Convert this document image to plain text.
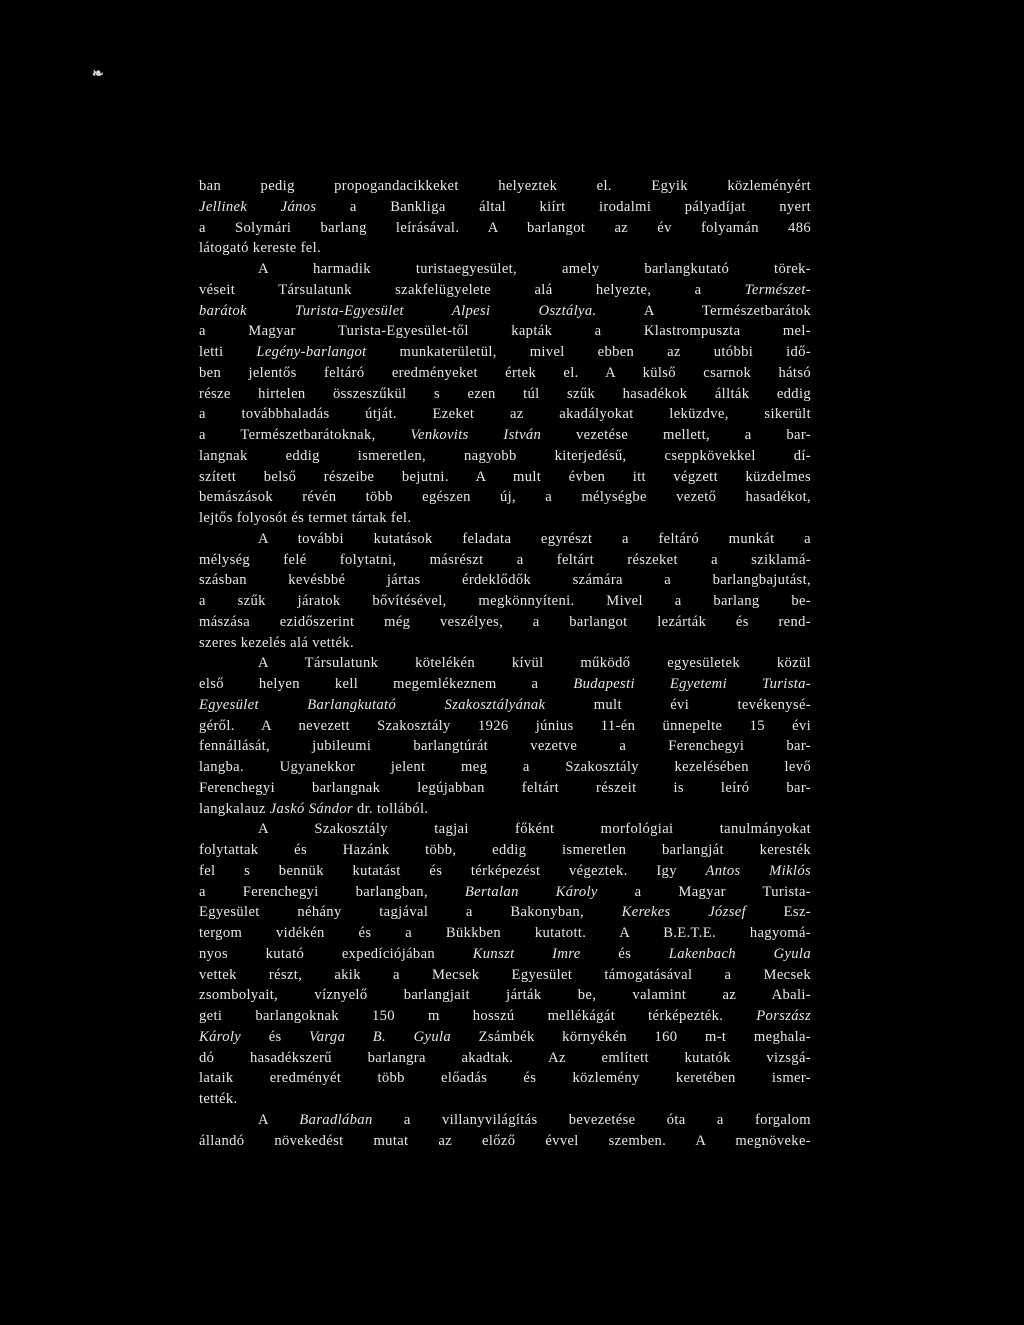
❧
ban pedig propogandacikkeket helyeztek el. Egyik közleményért
Jellinek János a Bankliga által kiírt irodalmi pályadíjat nyert
a Solymári barlang leírásával. A barlangot az év folyamán 486
látogató kereste fel.
A harmadik turistaegyesület, amely barlangkutató törek-
véseit Társulatunk szakfelügyelete alá helyezte, a Természet-
barátok Turista-Egyesület Alpesi Osztálya. A Természetbarátok
a Magyar Turista-Egyesület-től kapták a Klastrompuszta mel-
letti Legény-barlangot munkaterületül, mivel ebben az utóbbi idő-
ben jelentős feltáró eredményeket értek el. A külső csarnok hátsó
része hirtelen összeszűkül s ezen túl szűk hasadékok állták eddig
a továbbhaladás útját. Ezeket az akadályokat leküzdve, sikerült
a Természetbarátoknak, Venkovits István vezetése mellett, a bar-
langnak eddig ismeretlen, nagyobb kiterjedésű, cseppkövekkel dí-
szített belső részeibe bejutni. A mult évben itt végzett küzdelmes
bemászások révén több egészen új, a mélységbe vezető hasadékot,
lejtős folyosót és termet tártak fel.
A további kutatások feladata egyrészt a feltáró munkát a
mélység felé folytatni, másrészt a feltárt részeket a sziklamá-
szásban kevésbbé jártas érdeklődők számára a barlangbajutást,
a szűk járatok bővítésével, megkönnyíteni. Mivel a barlang be-
mászása ezidőszerint még veszélyes, a barlangot lezárták és rend-
szeres kezelés alá vették.
A Társulatunk kötelékén kívül működő egyesületek közül
első helyen kell megemlékeznem a Budapesti Egyetemi Turista-
Egyesület Barlangkutató Szakosztályának mult évi tevékenysé-
géről. A nevezett Szakosztály 1926 június 11-én ünnepelte 15 évi
fennállását, jubileumi barlangtúrát vezetve a Ferenchegyi bar-
langba. Ugyanekkor jelent meg a Szakosztály kezelésében levő
Ferenchegyi barlangnak legújabban feltárt részeit is leíró bar-
langkalauz Jaskó Sándor dr. tollából.
A Szakosztály tagjai főként morfológiai tanulmányokat
folytattak és Hazánk több, eddig ismeretlen barlangját keresték
fel s bennük kutatást és térképezést végeztek. Igy Antos Miklós
a Ferenchegyi barlangban, Bertalan Károly a Magyar Turista-
Egyesület néhány tagjával a Bakonyban, Kerekes József Esz-
tergom vidékén és a Bükkben kutatott. A B.E.T.E. hagyomá-
nyos kutató expedíciójában Kunszt Imre és Lakenbach Gyula
vettek részt, akik a Mecsek Egyesület támogatásával a Mecsek
zsombolyait, víznyelő barlangjait járták be, valamint az Abali-
geti barlangoknak 150 m hosszú mellékágát térképezték. Porszász
Károly és Varga B. Gyula Zsámbék környékén 160 m-t meghala-
dó hasadékszerű barlangra akadtak. Az említett kutatók vizsgá-
lataik eredményét több előadás és közlemény keretében ismer-
tették.
A Baradlában a villanyvilágítás bevezetése óta a forgalom
állandó növekedést mutat az előző évvel szemben. A megnöveke-
